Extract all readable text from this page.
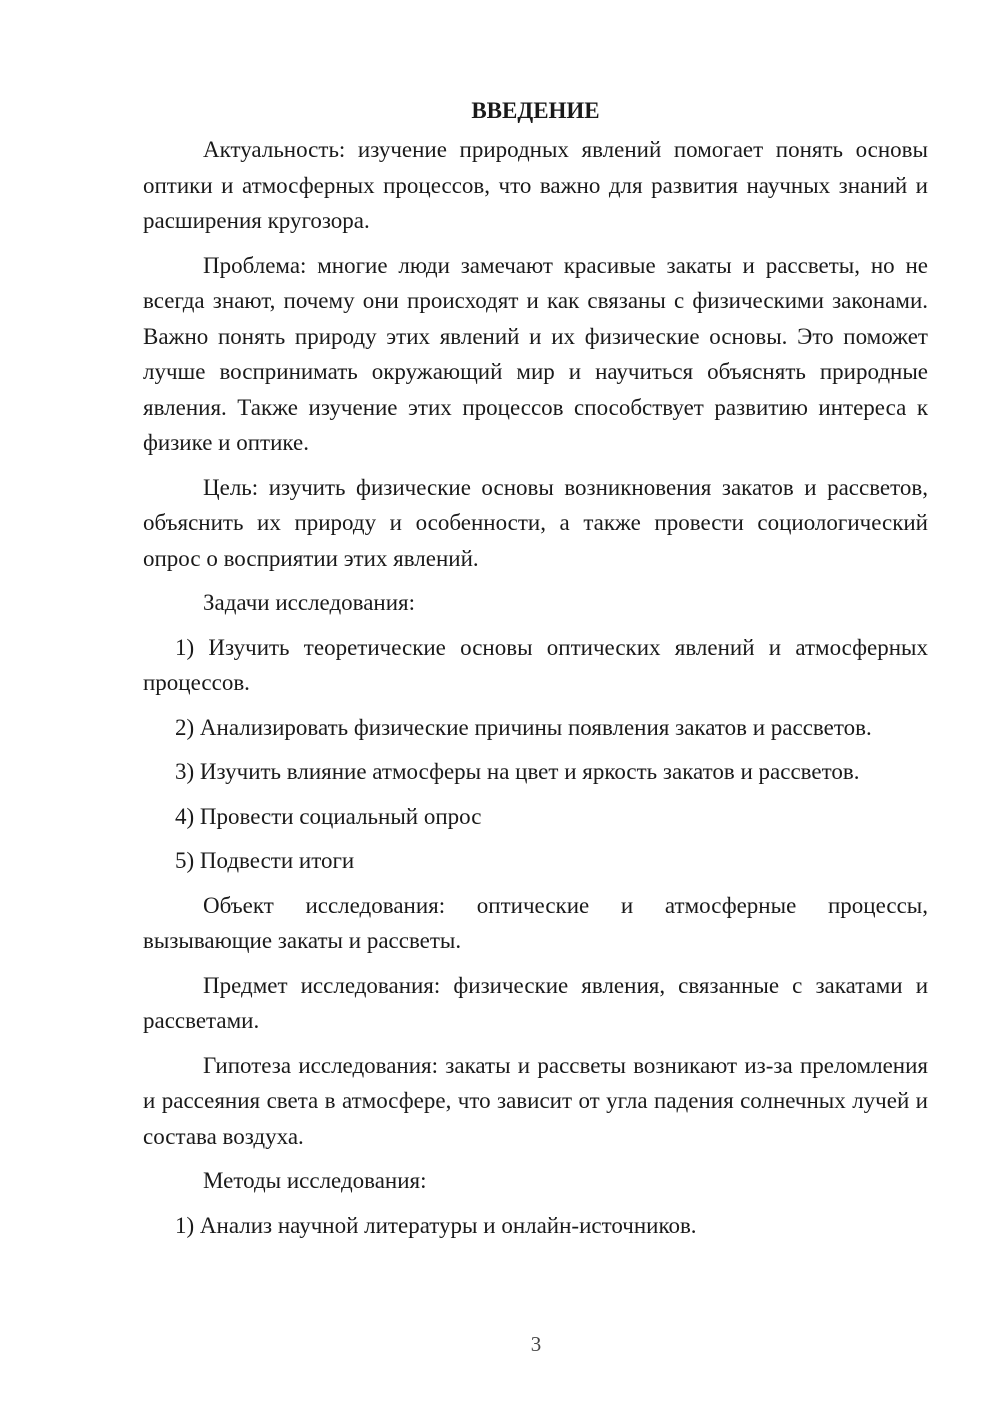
ВВЕДЕНИЕ

Актуальность: изучение природных явлений помогает понять основы оптики и атмосферных процессов, что важно для развития научных знаний и расширения кругозора.

Проблема: многие люди замечают красивые закаты и рассветы, но не всегда знают, почему они происходят и как связаны с физическими законами. Важно понять природу этих явлений и их физические основы. Это поможет лучше воспринимать окружающий мир и научиться объяснять природные явления. Также изучение этих процессов способствует развитию интереса к физике и оптике.

Цель: изучить физические основы возникновения закатов и рассветов, объяснить их природу и особенности, а также провести социологический опрос о восприятии этих явлений.

Задачи исследования:

1) Изучить теоретические основы оптических явлений и атмосферных процессов.

2) Анализировать физические причины появления закатов и рассветов.

3) Изучить влияние атмосферы на цвет и яркость закатов и рассветов.

4) Провести социальный опрос

5) Подвести итоги

Объект исследования: оптические и атмосферные процессы, вызывающие закаты и рассветы.

Предмет исследования: физические явления, связанные с закатами и рассветами.

Гипотеза исследования: закаты и рассветы возникают из-за преломления и рассеяния света в атмосфере, что зависит от угла падения солнечных лучей и состава воздуха.

Методы исследования:

1) Анализ научной литературы и онлайн-источников.

3
